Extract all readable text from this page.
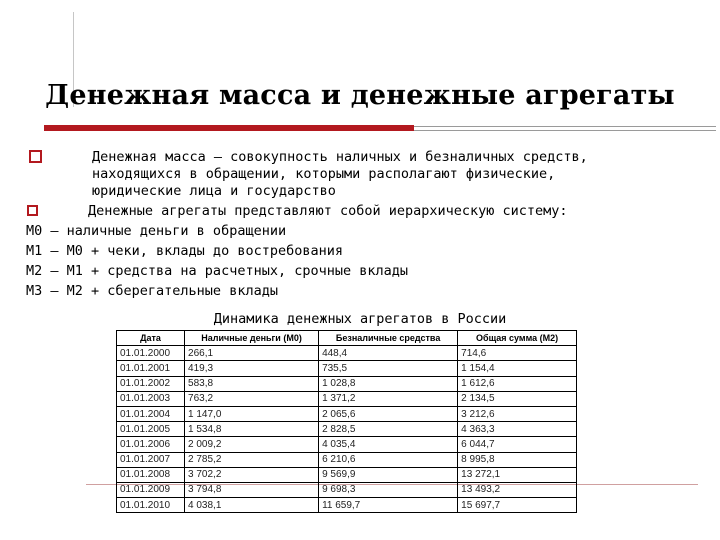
Денежная масса и денежные агрегаты
Денежная масса — совокупность наличных и безналичных средств,
находящихся в обращении, которыми располагают физические,
юридические лица и государство
Денежные агрегаты представляют собой иерархическую систему:
М0 — наличные деньги в обращении
М1 — М0 + чеки, вклады до востребования
М2 — М1 + средства на расчетных, срочные вклады
М3 — М2 + сберегательные вклады
Динамика денежных агрегатов в России
Дата	Наличные деньги (М0)	Безналичные средства	Общая сумма (М2)
01.01.2000	266,1	448,4	714,6
01.01.2001	419,3	735,5	1 154,4
01.01.2002	583,8	1 028,8	1 612,6
01.01.2003	763,2	1 371,2	2 134,5
01.01.2004	1 147,0	2 065,6	3 212,6
01.01.2005	1 534,8	2 828,5	4 363,3
01.01.2006	2 009,2	4 035,4	6 044,7
01.01.2007	2 785,2	6 210,6	8 995,8
01.01.2008	3 702,2	9 569,9	13 272,1
01.01.2009	3 794,8	9 698,3	13 493,2
01.01.2010	4 038,1	11 659,7	15 697,7
